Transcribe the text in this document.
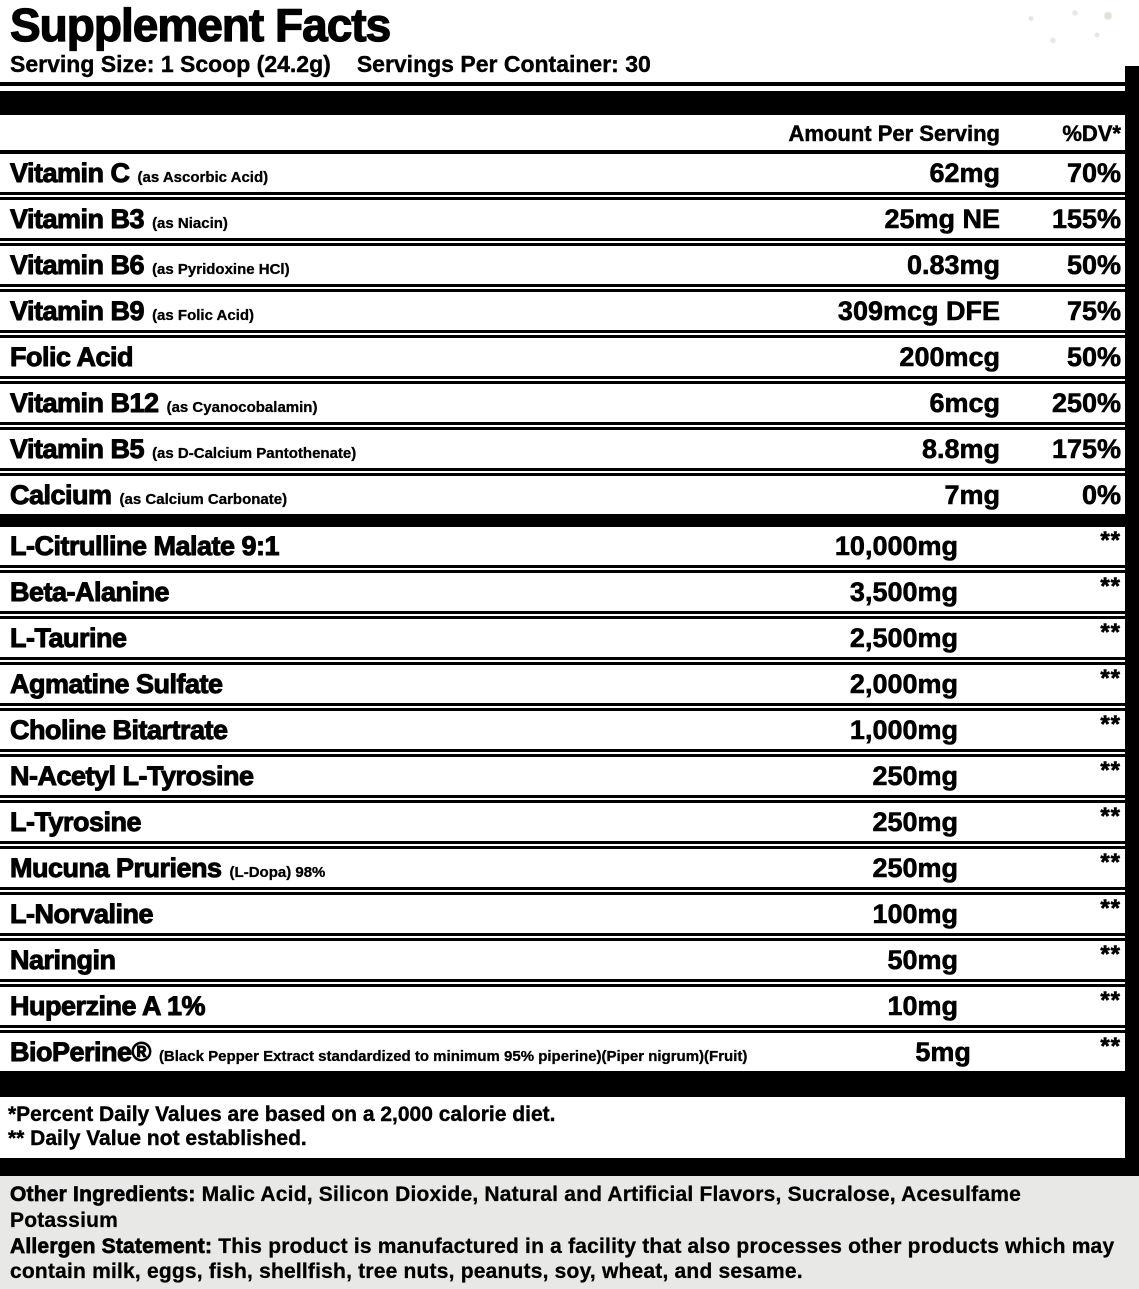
Supplement Facts
Serving Size: 1 Scoop (24.2g) Servings Per Container: 30
Amount Per Serving	%DV*
Vitamin C (as Ascorbic Acid)	62mg	70%
Vitamin B3 (as Niacin)	25mg NE	155%
Vitamin B6 (as Pyridoxine HCl)	0.83mg	50%
Vitamin B9 (as Folic Acid)	309mcg DFE	75%
Folic Acid	200mcg	50%
Vitamin B12 (as Cyanocobalamin)	6mcg	250%
Vitamin B5 (as D-Calcium Pantothenate)	8.8mg	175%
Calcium (as Calcium Carbonate)	7mg	0%
L-Citrulline Malate 9:1	10,000mg	**
Beta-Alanine	3,500mg	**
L-Taurine	2,500mg	**
Agmatine Sulfate	2,000mg	**
Choline Bitartrate	1,000mg	**
N-Acetyl L-Tyrosine	250mg	**
L-Tyrosine	250mg	**
Mucuna Pruriens (L-Dopa) 98%	250mg	**
L-Norvaline	100mg	**
Naringin	50mg	**
Huperzine A 1%	10mg	**
BioPerine® (Black Pepper Extract standardized to minimum 95% piperine)(Piper nigrum)(Fruit)	5mg	**
*Percent Daily Values are based on a 2,000 calorie diet.
** Daily Value not established.
Other Ingredients: Malic Acid, Silicon Dioxide, Natural and Artificial Flavors, Sucralose, Acesulfame Potassium
Allergen Statement: This product is manufactured in a facility that also processes other products which may contain milk, eggs, fish, shellfish, tree nuts, peanuts, soy, wheat, and sesame.
